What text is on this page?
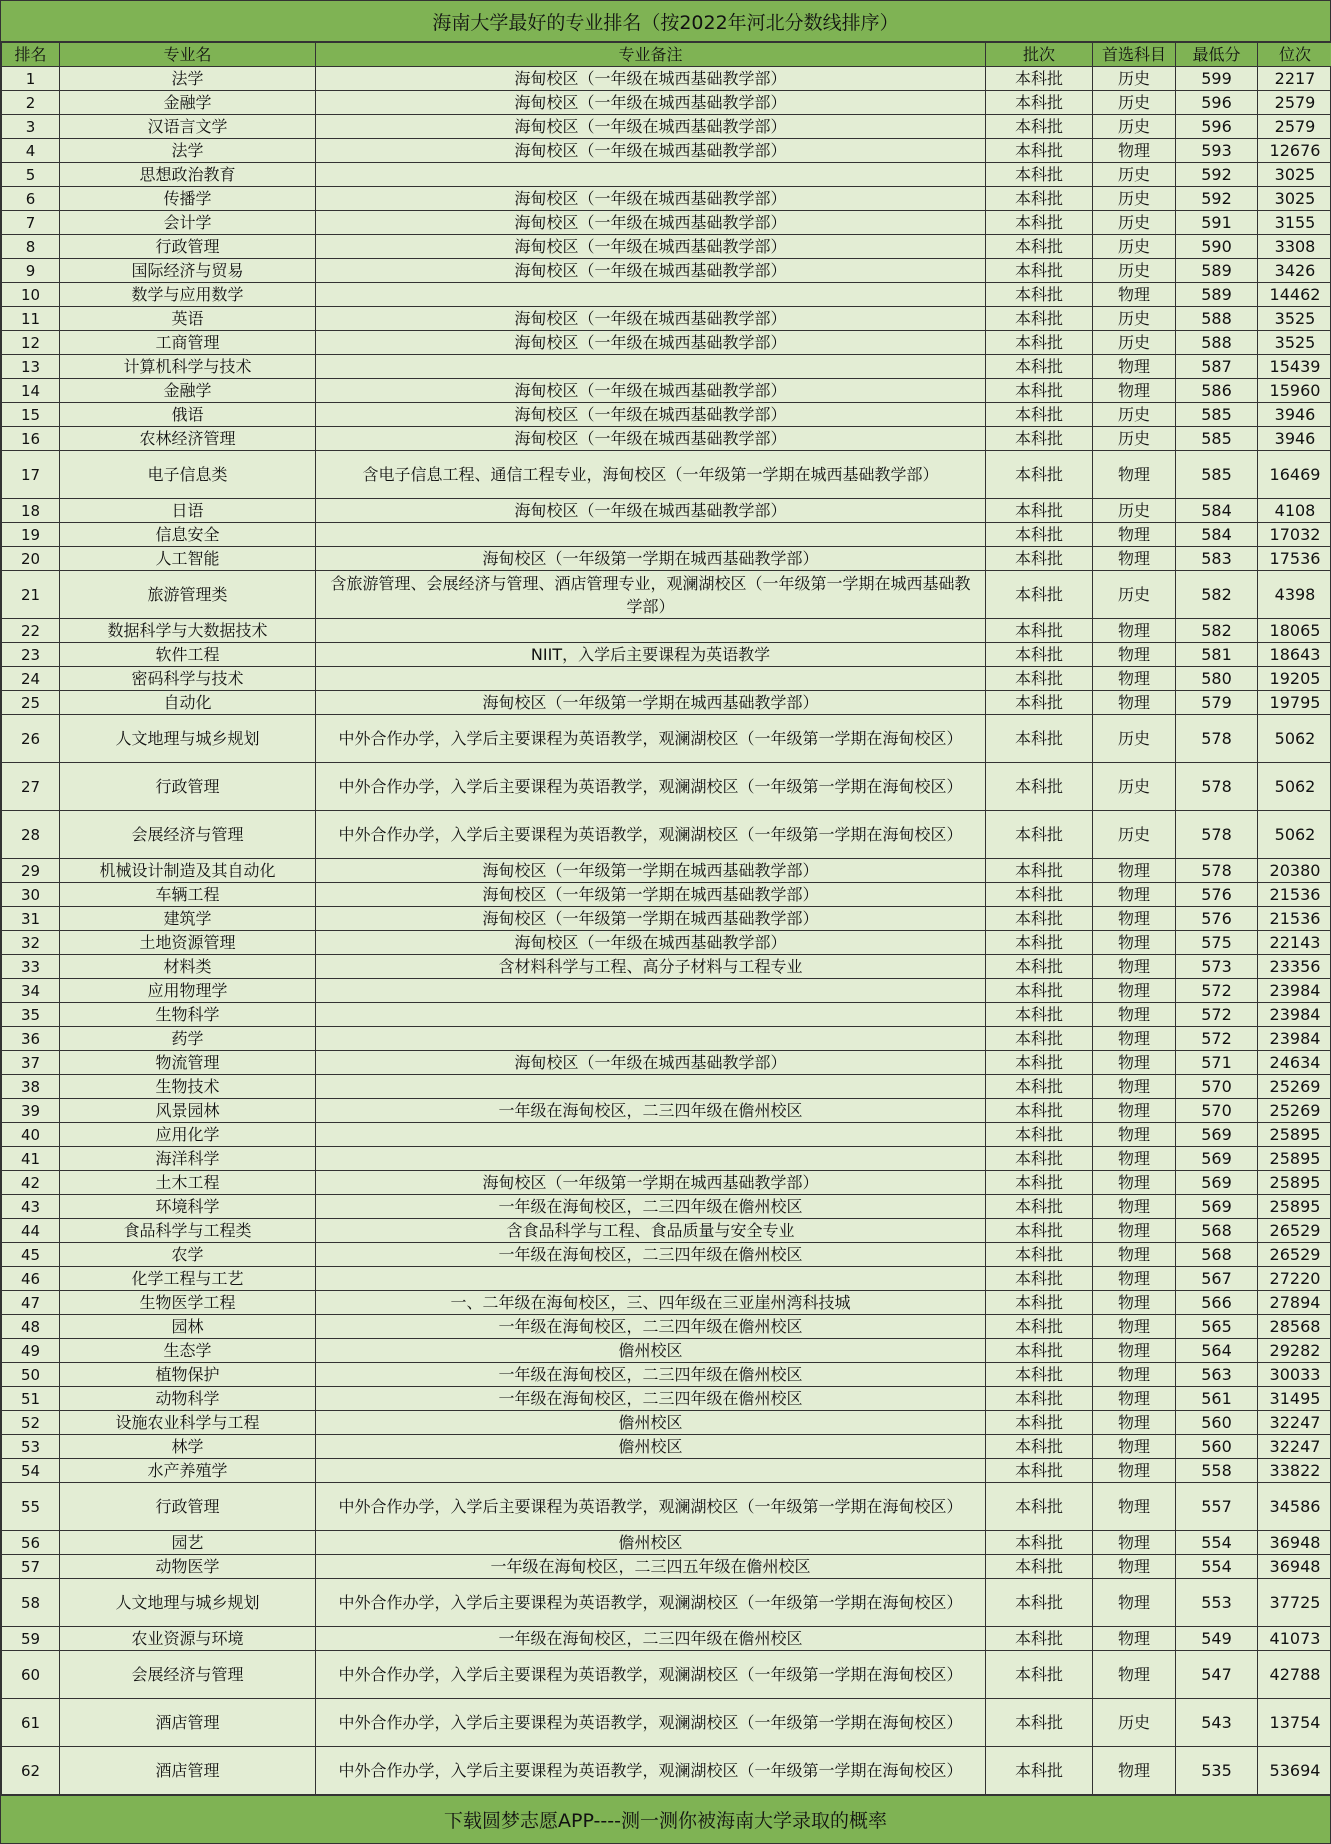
海南大学最好的专业排名（按2022年河北分数线排序）
排名	专业名	专业备注	批次	首选科目	最低分	位次
1	法学	海甸校区（一年级在城西基础教学部）	本科批	历史	599	2217
2	金融学	海甸校区（一年级在城西基础教学部）	本科批	历史	596	2579
3	汉语言文学	海甸校区（一年级在城西基础教学部）	本科批	历史	596	2579
4	法学	海甸校区（一年级在城西基础教学部）	本科批	物理	593	12676
5	思想政治教育		本科批	历史	592	3025
6	传播学	海甸校区（一年级在城西基础教学部）	本科批	历史	592	3025
7	会计学	海甸校区（一年级在城西基础教学部）	本科批	历史	591	3155
8	行政管理	海甸校区（一年级在城西基础教学部）	本科批	历史	590	3308
9	国际经济与贸易	海甸校区（一年级在城西基础教学部）	本科批	历史	589	3426
10	数学与应用数学		本科批	物理	589	14462
11	英语	海甸校区（一年级在城西基础教学部）	本科批	历史	588	3525
12	工商管理	海甸校区（一年级在城西基础教学部）	本科批	历史	588	3525
13	计算机科学与技术		本科批	物理	587	15439
14	金融学	海甸校区（一年级在城西基础教学部）	本科批	物理	586	15960
15	俄语	海甸校区（一年级在城西基础教学部）	本科批	历史	585	3946
16	农林经济管理	海甸校区（一年级在城西基础教学部）	本科批	历史	585	3946
17	电子信息类	含电子信息工程、通信工程专业，海甸校区（一年级第一学期在城西基础教学部）	本科批	物理	585	16469
18	日语	海甸校区（一年级在城西基础教学部）	本科批	历史	584	4108
19	信息安全		本科批	物理	584	17032
20	人工智能	海甸校区（一年级第一学期在城西基础教学部）	本科批	物理	583	17536
21	旅游管理类	含旅游管理、会展经济与管理、酒店管理专业，观澜湖校区（一年级第一学期在城西基础教学部）	本科批	历史	582	4398
22	数据科学与大数据技术		本科批	物理	582	18065
23	软件工程	NIIT，入学后主要课程为英语教学	本科批	物理	581	18643
24	密码科学与技术		本科批	物理	580	19205
25	自动化	海甸校区（一年级第一学期在城西基础教学部）	本科批	物理	579	19795
26	人文地理与城乡规划	中外合作办学，入学后主要课程为英语教学，观澜湖校区（一年级第一学期在海甸校区）	本科批	历史	578	5062
27	行政管理	中外合作办学，入学后主要课程为英语教学，观澜湖校区（一年级第一学期在海甸校区）	本科批	历史	578	5062
28	会展经济与管理	中外合作办学，入学后主要课程为英语教学，观澜湖校区（一年级第一学期在海甸校区）	本科批	历史	578	5062
29	机械设计制造及其自动化	海甸校区（一年级第一学期在城西基础教学部）	本科批	物理	578	20380
30	车辆工程	海甸校区（一年级第一学期在城西基础教学部）	本科批	物理	576	21536
31	建筑学	海甸校区（一年级第一学期在城西基础教学部）	本科批	物理	576	21536
32	土地资源管理	海甸校区（一年级在城西基础教学部）	本科批	物理	575	22143
33	材料类	含材料科学与工程、高分子材料与工程专业	本科批	物理	573	23356
34	应用物理学		本科批	物理	572	23984
35	生物科学		本科批	物理	572	23984
36	药学		本科批	物理	572	23984
37	物流管理	海甸校区（一年级在城西基础教学部）	本科批	物理	571	24634
38	生物技术		本科批	物理	570	25269
39	风景园林	一年级在海甸校区，二三四年级在儋州校区	本科批	物理	570	25269
40	应用化学		本科批	物理	569	25895
41	海洋科学		本科批	物理	569	25895
42	土木工程	海甸校区（一年级第一学期在城西基础教学部）	本科批	物理	569	25895
43	环境科学	一年级在海甸校区，二三四年级在儋州校区	本科批	物理	569	25895
44	食品科学与工程类	含食品科学与工程、食品质量与安全专业	本科批	物理	568	26529
45	农学	一年级在海甸校区，二三四年级在儋州校区	本科批	物理	568	26529
46	化学工程与工艺		本科批	物理	567	27220
47	生物医学工程	一、二年级在海甸校区，三、四年级在三亚崖州湾科技城	本科批	物理	566	27894
48	园林	一年级在海甸校区，二三四年级在儋州校区	本科批	物理	565	28568
49	生态学	儋州校区	本科批	物理	564	29282
50	植物保护	一年级在海甸校区，二三四年级在儋州校区	本科批	物理	563	30033
51	动物科学	一年级在海甸校区，二三四年级在儋州校区	本科批	物理	561	31495
52	设施农业科学与工程	儋州校区	本科批	物理	560	32247
53	林学	儋州校区	本科批	物理	560	32247
54	水产养殖学		本科批	物理	558	33822
55	行政管理	中外合作办学，入学后主要课程为英语教学，观澜湖校区（一年级第一学期在海甸校区）	本科批	物理	557	34586
56	园艺	儋州校区	本科批	物理	554	36948
57	动物医学	一年级在海甸校区，二三四五年级在儋州校区	本科批	物理	554	36948
58	人文地理与城乡规划	中外合作办学，入学后主要课程为英语教学，观澜湖校区（一年级第一学期在海甸校区）	本科批	物理	553	37725
59	农业资源与环境	一年级在海甸校区，二三四年级在儋州校区	本科批	物理	549	41073
60	会展经济与管理	中外合作办学，入学后主要课程为英语教学，观澜湖校区（一年级第一学期在海甸校区）	本科批	物理	547	42788
61	酒店管理	中外合作办学，入学后主要课程为英语教学，观澜湖校区（一年级第一学期在海甸校区）	本科批	历史	543	13754
62	酒店管理	中外合作办学，入学后主要课程为英语教学，观澜湖校区（一年级第一学期在海甸校区）	本科批	物理	535	53694
下载圆梦志愿APP----测一测你被海南大学录取的概率
